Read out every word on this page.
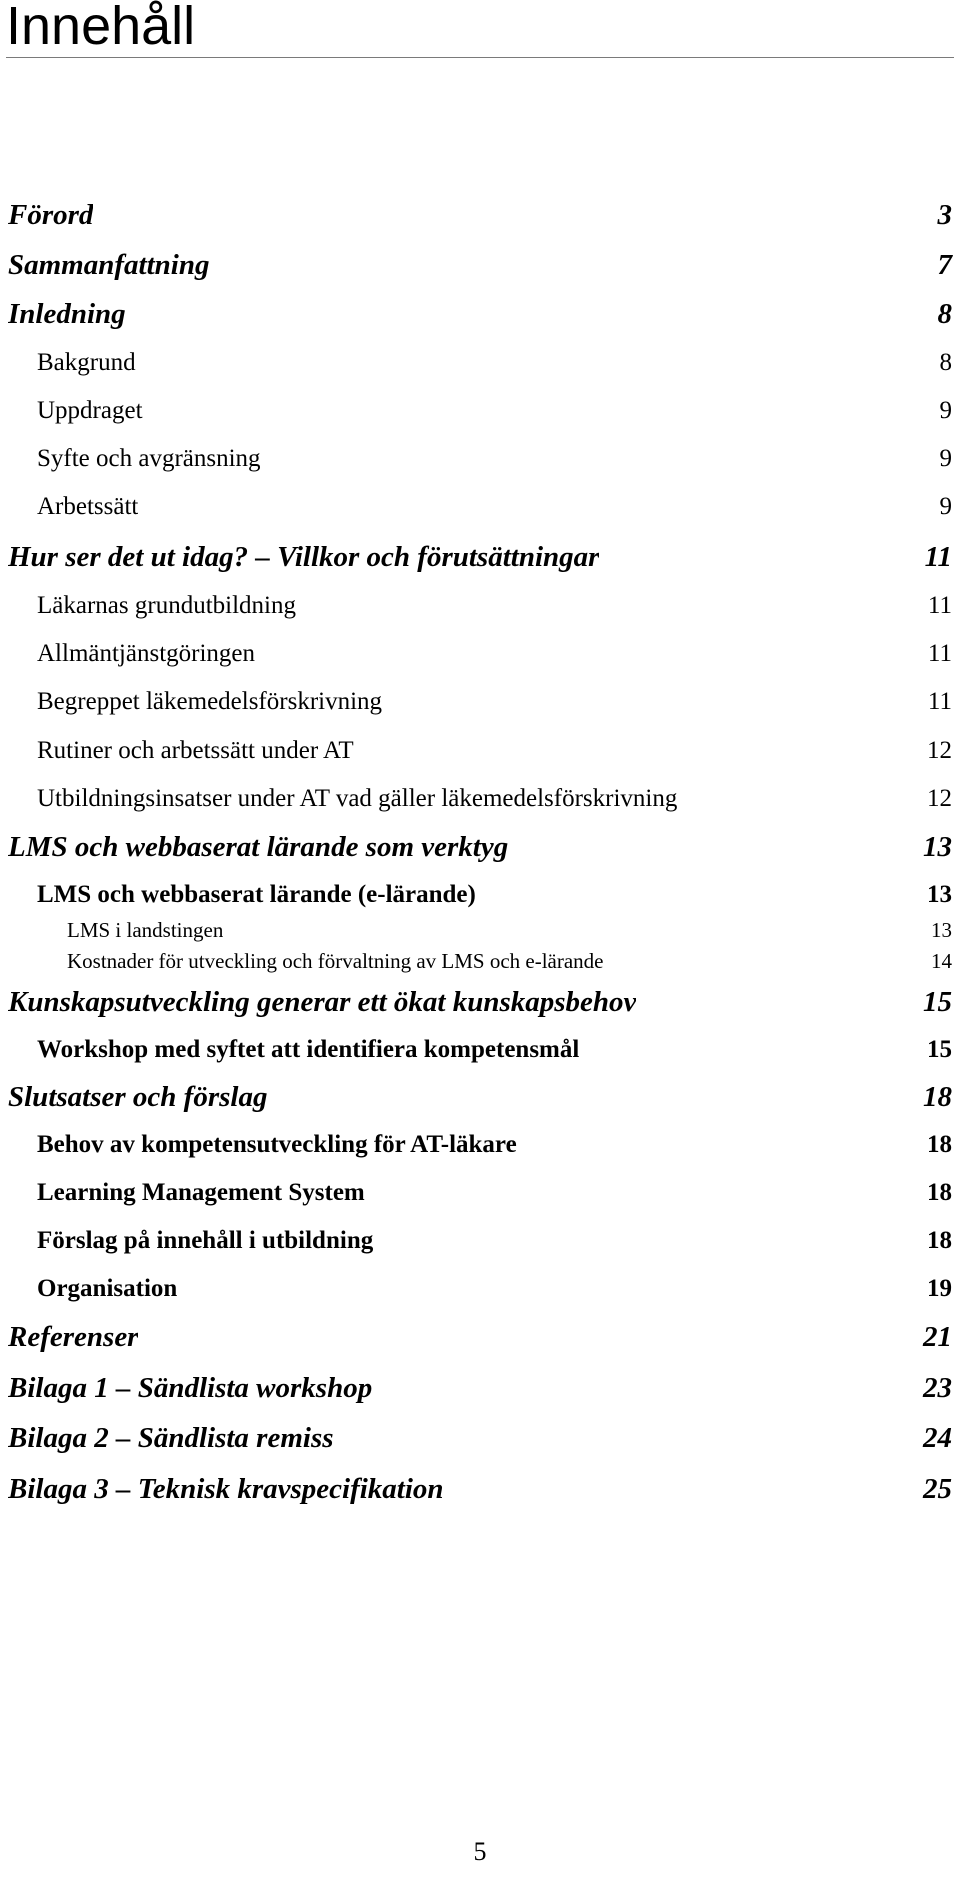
Innehåll
Förord	3
Sammanfattning	7
Inledning	8
Bakgrund	8
Uppdraget	9
Syfte och avgränsning	9
Arbetssätt	9
Hur ser det ut idag? – Villkor och förutsättningar	11
Läkarnas grundutbildning	11
Allmäntjänstgöringen	11
Begreppet läkemedelsförskrivning	11
Rutiner och arbetssätt under AT	12
Utbildningsinsatser under AT vad gäller läkemedelsförskrivning	12
LMS och webbaserat lärande som verktyg	13
LMS och webbaserat lärande (e-lärande)	13
LMS i landstingen	13
Kostnader för utveckling och förvaltning av LMS och e-lärande	14
Kunskapsutveckling generar ett ökat kunskapsbehov	15
Workshop med syftet att identifiera kompetensmål	15
Slutsatser och förslag	18
Behov av kompetensutveckling för AT-läkare	18
Learning Management System	18
Förslag på innehåll i utbildning	18
Organisation	19
Referenser	21
Bilaga 1 – Sändlista workshop	23
Bilaga 2 – Sändlista remiss	24
Bilaga 3 – Teknisk kravspecifikation	25
5
